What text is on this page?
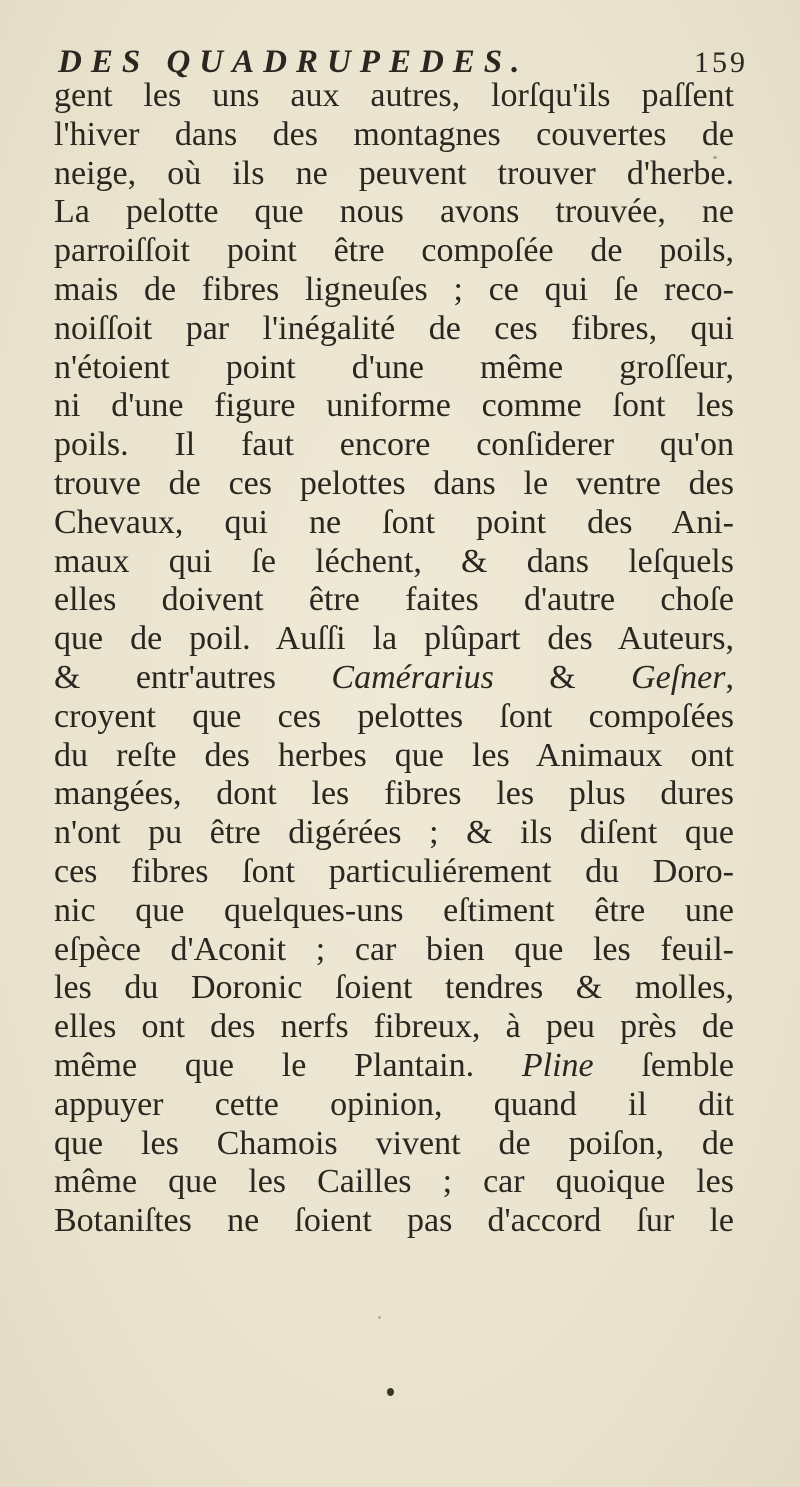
DES QUADRUPEDES.	159
gent les uns aux autres, lorſqu'ils paſſent
l'hiver dans des montagnes couvertes de
neige, où ils ne peuvent trouver d'herbe.
La pelotte que nous avons trouvée, ne
parroiſſoit point être compoſée de poils,
mais de fibres ligneuſes ; ce qui ſe reco-
noiſſoit par l'inégalité de ces fibres, qui
n'étoient point d'une même groſſeur,
ni d'une figure uniforme comme ſont les
poils. Il faut encore conſiderer qu'on
trouve de ces pelottes dans le ventre des
Chevaux, qui ne ſont point des Ani-
maux qui ſe léchent, & dans leſquels
elles doivent être faites d'autre choſe
que de poil. Auſſi la plûpart des Auteurs,
& entr'autres Camérarius & Geſner,
croyent que ces pelottes ſont compoſées
du reſte des herbes que les Animaux ont
mangées, dont les fibres les plus dures
n'ont pu être digérées ; & ils diſent que
ces fibres ſont particuliérement du Doro-
nic que quelques-uns eſtiment être une
eſpèce d'Aconit ; car bien que les feuil-
les du Doronic ſoient tendres & molles,
elles ont des nerfs fibreux, à peu près de
même que le Plantain. Pline ſemble
appuyer cette opinion, quand il dit
que les Chamois vivent de poiſon, de
même que les Cailles ; car quoique les
Botaniſtes ne ſoient pas d'accord ſur le
